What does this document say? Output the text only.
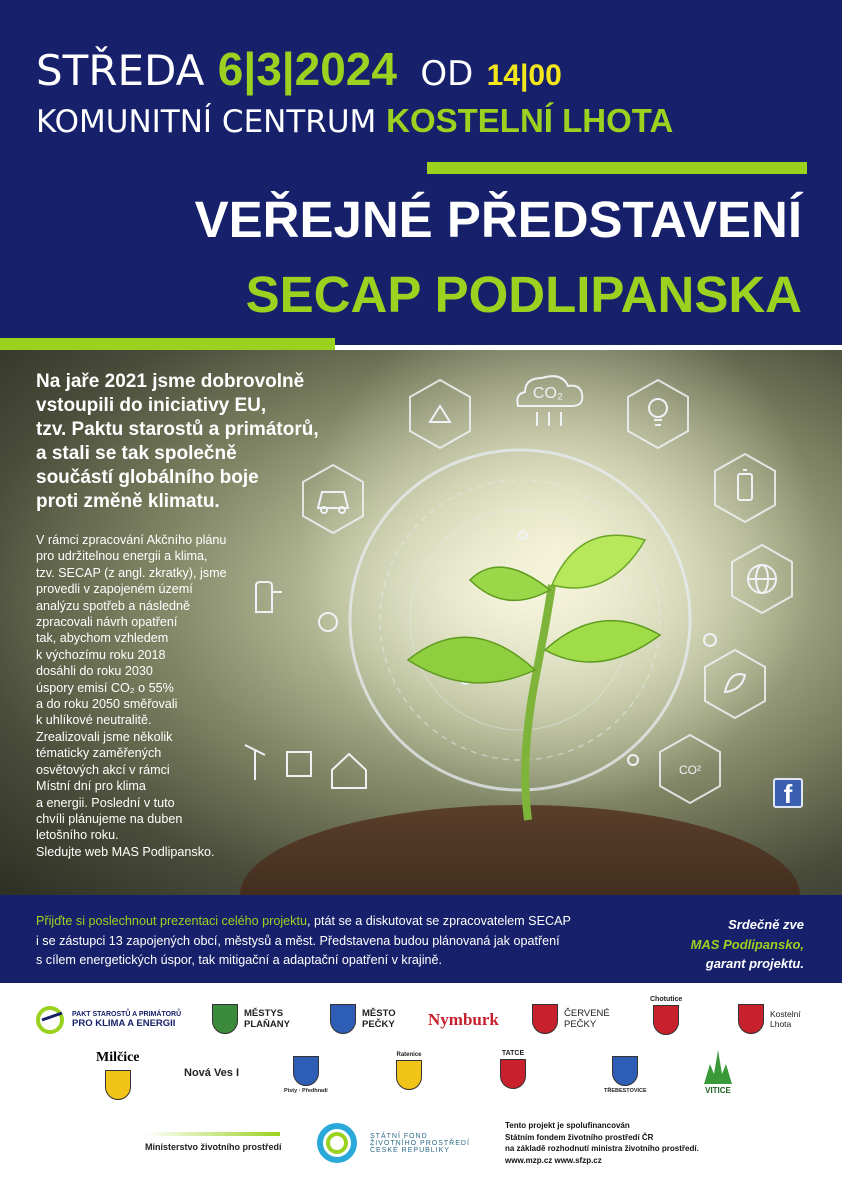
STŘEDA 6|3|2024 OD 14|00
KOMUNITNÍ CENTRUM KOSTELNÍ LHOTA
VEŘEJNÉ PŘEDSTAVENÍ
SECAP PODLIPANSKA
CO₂
CO²
Na jaře 2021 jsme dobrovolně
vstoupili do iniciativy EU,
tzv. Paktu starostů a primátorů,
a stali se tak společně
součástí globálního boje
proti změně klimatu.
V rámci zpracování Akčního plánu
pro udržitelnou energii a klima,
tzv. SECAP (z angl. zkratky), jsme
provedli v zapojeném území
analýzu spotřeb a následně
zpracovali návrh opatření
tak, abychom vzhledem
k výchozímu roku 2018
dosáhli do roku 2030
úspory emisí CO₂ o 55%
a do roku 2050 směřovali
k uhlíkové neutralitě.
Zrealizovali jsme několik
tématicky zaměřených
osvětových akcí v rámci
Místní dní pro klima
a energii. Poslední v tuto
chvíli plánujeme na duben
letošního roku.
Sledujte web MAS Podlipansko.
f
Přijďte si poslechnout prezentaci celého projektu, ptát se a diskutovat se zpracovatelem SECAP
i se zástupci 13 zapojených obcí, městysů a měst. Představena budou plánovaná jak opatření
s cílem energetických úspor, tak mitigační a adaptační opatření v krajině.
Srdečně zve
MAS Podlipansko,
garant projektu.
PAKT STAROSTŮ A PRIMÁTORŮ
PRO KLIMA A ENERGII
MĚSTYS
PLAŇANY
MĚSTO
PEČKY Nymburk	ČERVENÉ
PEČKY
Chotutice
Kostelní
Lhota
Milčice
Nová Ves I
Písty · Předhradí
Ratenice	TATCE
TŘEBESTOVICE	VITICE
Ministerstvo životního prostředí
STÁTNÍ FOND
ŽIVOTNÍHO PROSTŘEDÍ
ČESKÉ REPUBLIKY
Tento projekt je spolufinancován
Státním fondem životního prostředí ČR
na základě rozhodnutí ministra životního prostředí.
www.mzp.cz www.sfzp.cz
